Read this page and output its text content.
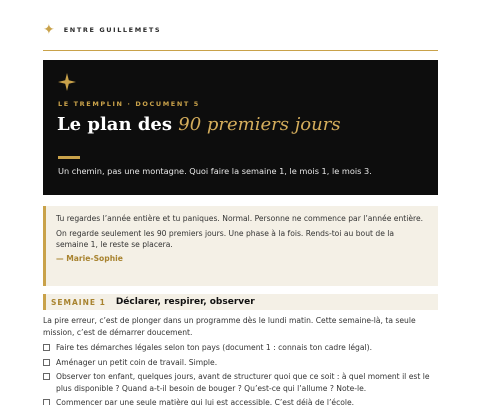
✦ ENTRE GUILLEMETS
LE TREMPLIN · DOCUMENT 5
Le plan des 90 premiers jours

Un chemin, pas une montagne. Quoi faire la semaine 1, le mois 1, le mois 3.

Tu regardes l’année entière et tu paniques. Normal. Personne ne commence par l’année entière.

On regarde seulement les 90 premiers jours. Une phase à la fois. Rends-toi au bout de la semaine 1, le reste se placera.

— Marie-Sophie
SEMAINE 1 Déclarer, respirer, observer

La pire erreur, c’est de plonger dans un programme dès le lundi matin. Cette semaine-là, ta seule mission, c’est de démarrer doucement.

Faire tes démarches légales selon ton pays (document 1 : connais ton cadre légal).
Aménager un petit coin de travail. Simple.
Observer ton enfant, quelques jours, avant de structurer quoi que ce soit : à quel moment il est le plus disponible ? Quand a-t-il besoin de bouger ? Qu’est-ce qui l’allume ? Note-le.
Commencer par une seule matière qui lui est accessible. C’est déjà de l’école.
